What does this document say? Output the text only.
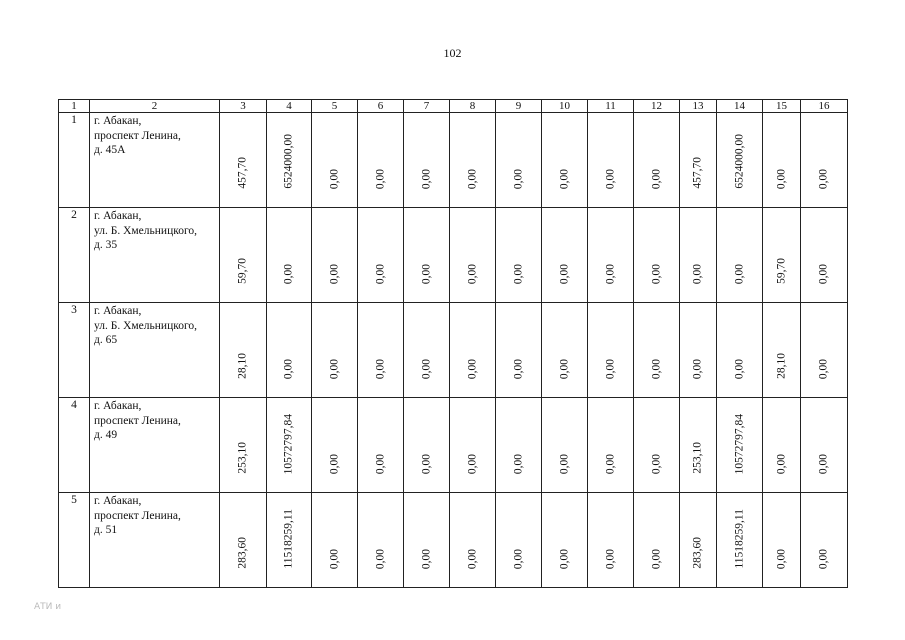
102
1	2	3	4	5	6	7	8	9	10	11	12	13	14	15	16
1	г. Абакан,
проспект Ленина,
д. 45А	457,70	6524000,00	0,00	0,00	0,00	0,00	0,00	0,00	0,00	0,00	457,70	6524000,00	0,00	0,00

2	г. Абакан,
ул. Б. Хмельницкого,
д. 35	59,70	0,00	0,00	0,00	0,00	0,00	0,00	0,00	0,00	0,00	0,00	0,00	59,70	0,00

3	г. Абакан,
ул. Б. Хмельницкого,
д. 65	28,10	0,00	0,00	0,00	0,00	0,00	0,00	0,00	0,00	0,00	0,00	0,00	28,10	0,00

4	г. Абакан,
проспект Ленина,
д. 49	253,10	10572797,84	0,00	0,00	0,00	0,00	0,00	0,00	0,00	0,00	253,10	10572797,84	0,00	0,00

5	г. Абакан,
проспект Ленина,
д. 51	283,60	11518259,11	0,00	0,00	0,00	0,00	0,00	0,00	0,00	0,00	283,60	11518259,11	0,00	0,00
АТИ и
